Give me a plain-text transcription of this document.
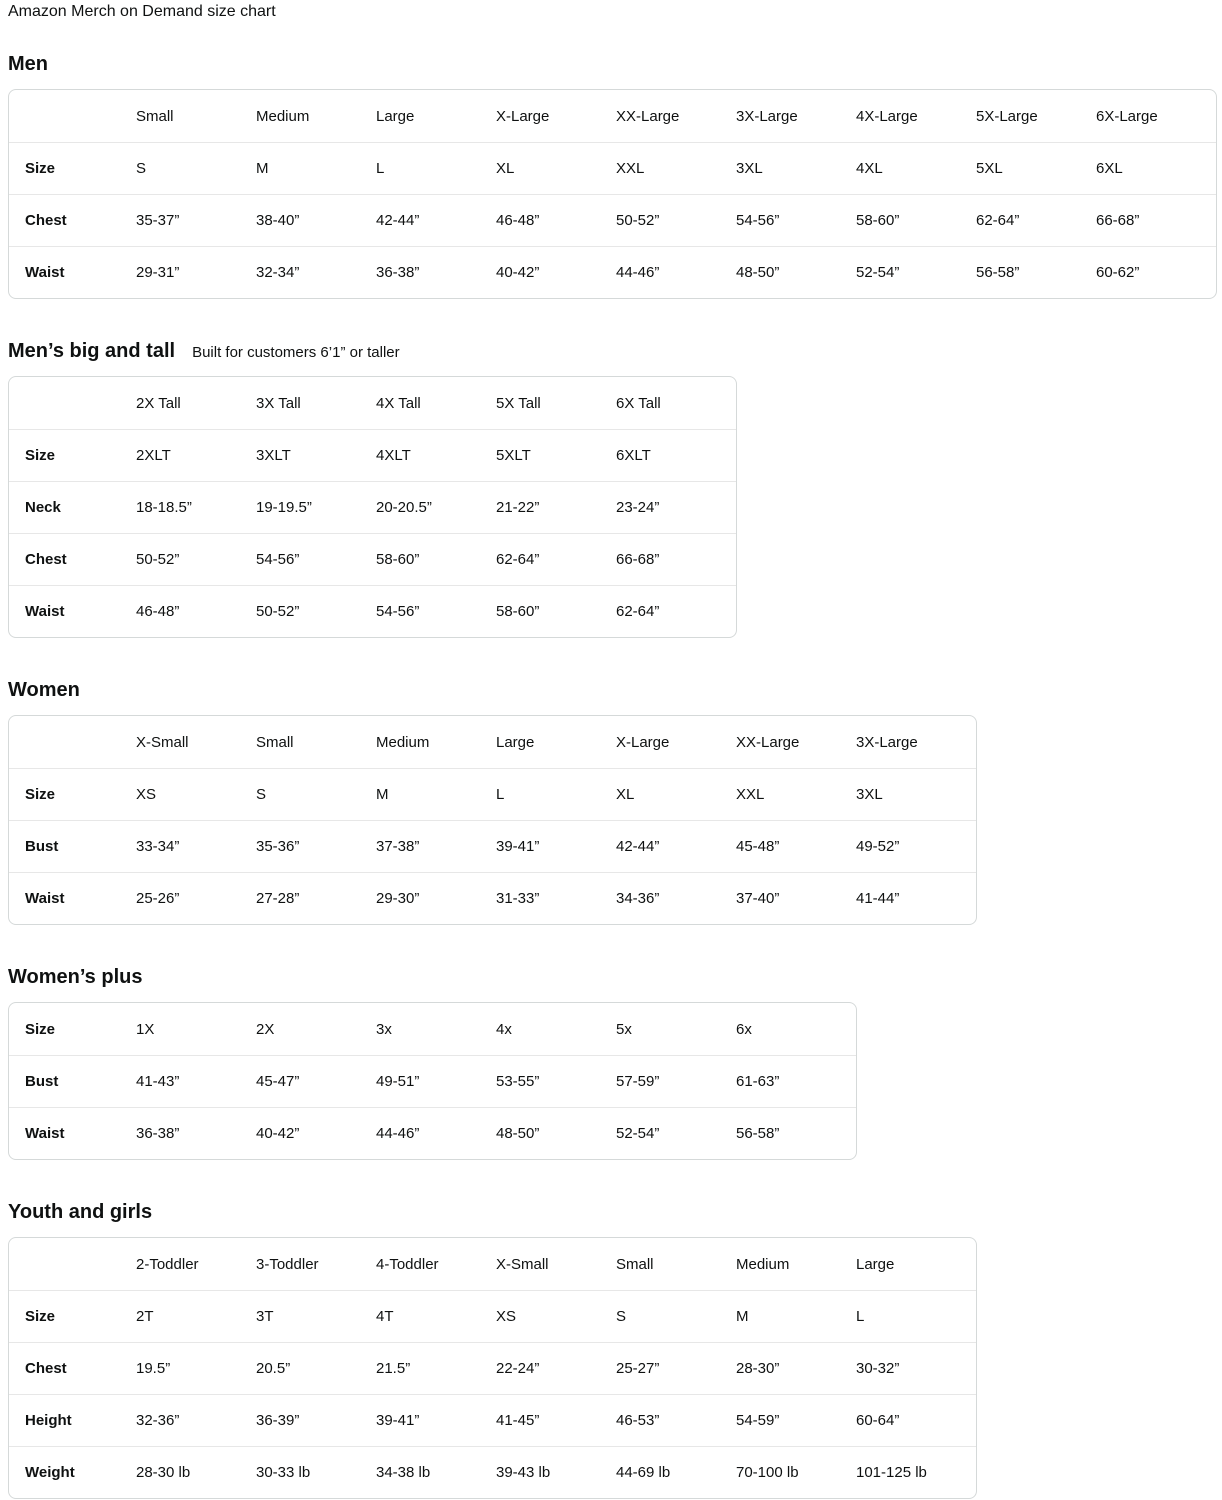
Amazon Merch on Demand size chart

Men
	Small	Medium	Large	X-Large	XX-Large	3X-Large	4X-Large	5X-Large	6X-Large
Size	S	M	L	XL	XXL	3XL	4XL	5XL	6XL
Chest	35-37”	38-40”	42-44”	46-48”	50-52”	54-56”	58-60”	62-64”	66-68”
Waist	29-31”	32-34”	36-38”	40-42”	44-46”	48-50”	52-54”	56-58”	60-62”
Men’s big and tall Built for customers 6’1” or taller
	2X Tall	3X Tall	4X Tall	5X Tall	6X Tall
Size	2XLT	3XLT	4XLT	5XLT	6XLT
Neck	18-18.5”	19-19.5”	20-20.5”	21-22”	23-24”
Chest	50-52”	54-56”	58-60”	62-64”	66-68”
Waist	46-48”	50-52”	54-56”	58-60”	62-64”
Women
	X-Small	Small	Medium	Large	X-Large	XX-Large	3X-Large
Size	XS	S	M	L	XL	XXL	3XL
Bust	33-34”	35-36”	37-38”	39-41”	42-44”	45-48”	49-52”
Waist	25-26”	27-28”	29-30”	31-33”	34-36”	37-40”	41-44”
Women’s plus
Size	1X	2X	3x	4x	5x	6x
Bust	41-43”	45-47”	49-51”	53-55”	57-59”	61-63”
Waist	36-38”	40-42”	44-46”	48-50”	52-54”	56-58”
Youth and girls
	2-Toddler	3-Toddler	4-Toddler	X-Small	Small	Medium	Large
Size	2T	3T	4T	XS	S	M	L
Chest	19.5”	20.5”	21.5”	22-24”	25-27”	28-30”	30-32”
Height	32-36”	36-39”	39-41”	41-45”	46-53”	54-59”	60-64”
Weight	28-30 lb	30-33 lb	34-38 lb	39-43 lb	44-69 lb	70-100 lb	101-125 lb
